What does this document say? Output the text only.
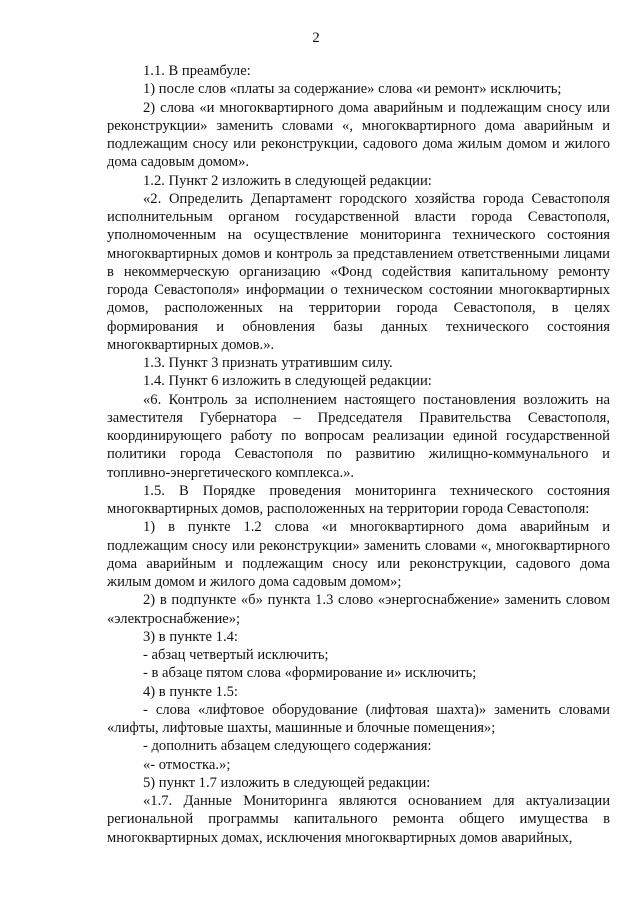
2

1.1. В преамбуле:

1) после слов «платы за содержание» слова «и ремонт» исключить;

2) слова «и многоквартирного дома аварийным и подлежащим сносу или реконструкции» заменить словами «, многоквартирного дома аварийным и подлежащим сносу или реконструкции, садового дома жилым домом и жилого дома садовым домом».

1.2. Пункт 2 изложить в следующей редакции:

«2. Определить Департамент городского хозяйства города Севастополя исполнительным органом государственной власти города Севастополя, уполномоченным на осуществление мониторинга технического состояния многоквартирных домов и контроль за представлением ответственными лицами в некоммерческую организацию «Фонд содействия капитальному ремонту города Севастополя» информации о техническом состоянии многоквартирных домов, расположенных на территории города Севастополя, в целях формирования и обновления базы данных технического состояния многоквартирных домов.».

1.3. Пункт 3 признать утратившим силу.

1.4. Пункт 6 изложить в следующей редакции:

«6. Контроль за исполнением настоящего постановления возложить на заместителя Губернатора – Председателя Правительства Севастополя, координирующего работу по вопросам реализации единой государственной политики города Севастополя по развитию жилищно-коммунального и топливно-энергетического комплекса.».

1.5. В Порядке проведения мониторинга технического состояния многоквартирных домов, расположенных на территории города Севастополя:

1) в пункте 1.2 слова «и многоквартирного дома аварийным и подлежащим сносу или реконструкции» заменить словами «, многоквартирного дома аварийным и подлежащим сносу или реконструкции, садового дома жилым домом и жилого дома садовым домом»;

2) в подпункте «б» пункта 1.3 слово «энергоснабжение» заменить словом «электроснабжение»;

3) в пункте 1.4:

- абзац четвертый исключить;

- в абзаце пятом слова «формирование и» исключить;

4) в пункте 1.5:

- слова «лифтовое оборудование (лифтовая шахта)» заменить словами «лифты, лифтовые шахты, машинные и блочные помещения»;

- дополнить абзацем следующего содержания:

«- отмостка.»;

5) пункт 1.7 изложить в следующей редакции:

«1.7. Данные Мониторинга являются основанием для актуализации региональной программы капитального ремонта общего имущества в многоквартирных домах, исключения многоквартирных домов аварийных,
